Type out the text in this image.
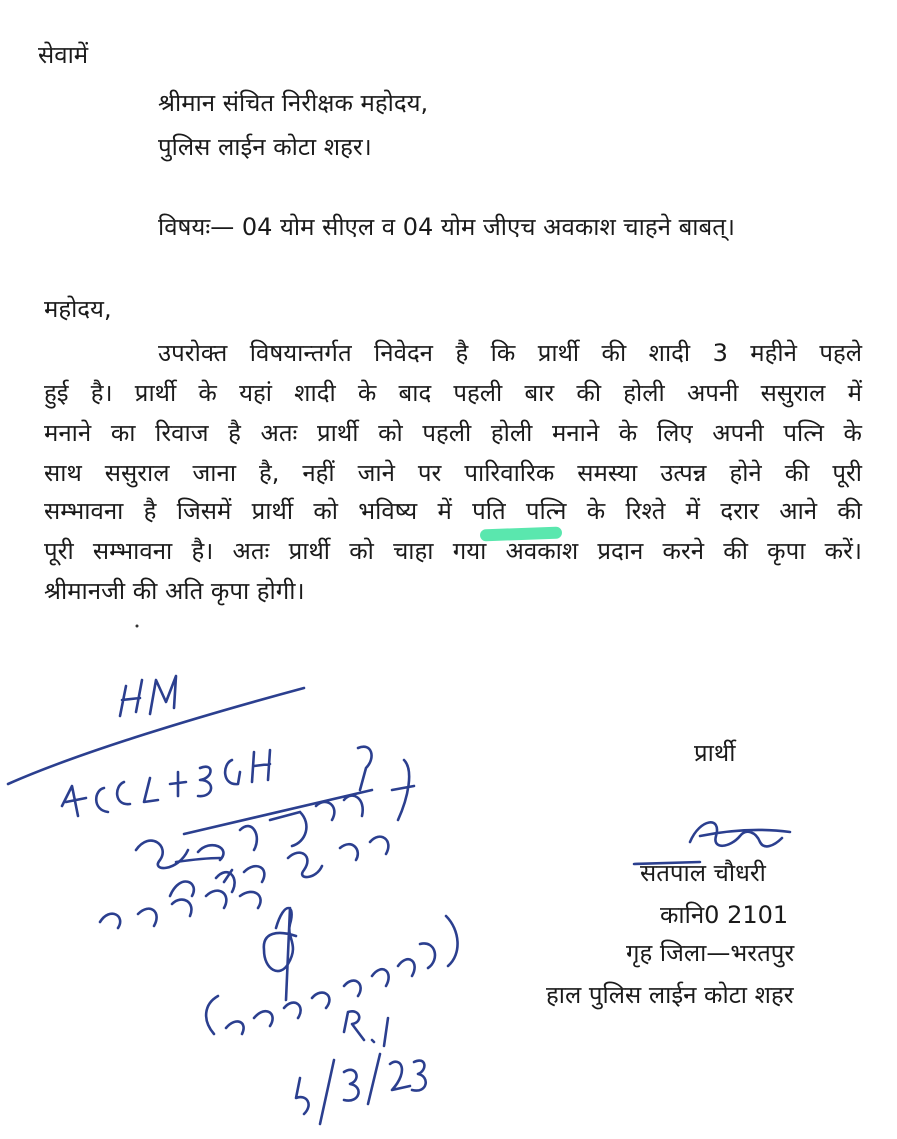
सेवामें
श्रीमान संचित निरीक्षक महोदय,
पुलिस लाईन कोटा शहर।
विषयः— 04 योम सीएल व 04 योम जीएच अवकाश चाहने बाबत्।
महोदय,
उपरोक्त विषयान्तर्गत निवेदन है कि प्रार्थी की शादी 3 महीने पहले
हुई है। प्रार्थी के यहां शादी के बाद पहली बार की होली अपनी ससुराल में
मनाने का रिवाज है अतः प्रार्थी को पहली होली मनाने के लिए अपनी पत्नि के
साथ ससुराल जाना है, नहीं जाने पर पारिवारिक समस्या उत्पन्न होने की पूरी
सम्भावना है जिसमें प्रार्थी को भविष्य में पति पत्नि के रिश्ते में दरार आने की
पूरी सम्भावना है। अतः प्रार्थी को चाहा गया अवकाश प्रदान करने की कृपा करें।
श्रीमानजी की अति कृपा होगी।
प्रार्थी
सतपाल चौधरी
कानि0 2101
गृह जिला—भरतपुर
हाल पुलिस लाईन कोटा शहर
